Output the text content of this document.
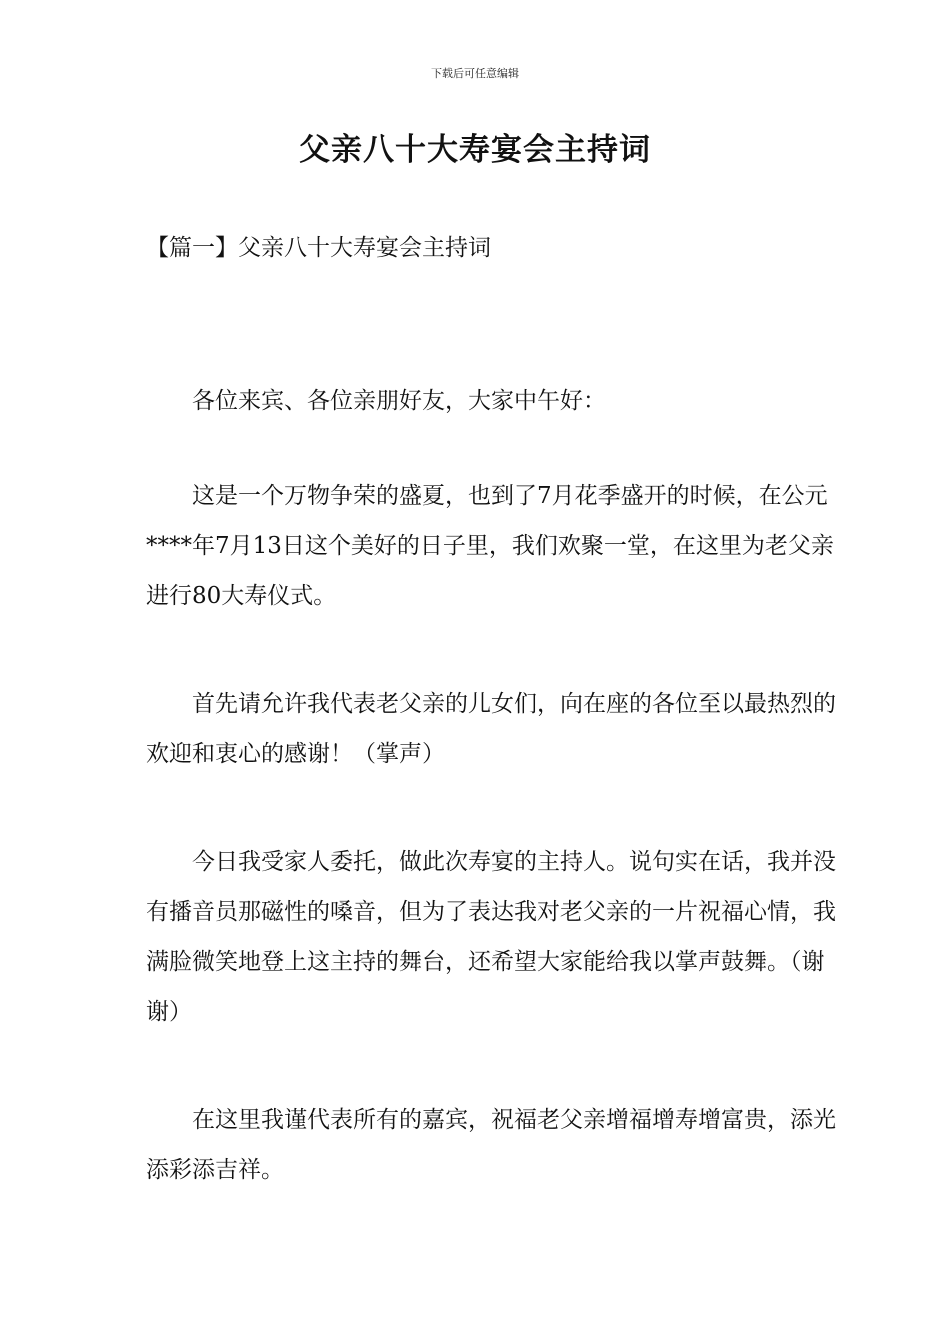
下载后可任意编辑
父亲八十大寿宴会主持词
【篇一】父亲八十大寿宴会主持词

各位来宾、各位亲朋好友，大家中午好：

这是一个万物争荣的盛夏，也到了7月花季盛开的时候，在公元****年7月13日这个美好的日子里，我们欢聚一堂，在这里为老父亲进行80大寿仪式。

首先请允许我代表老父亲的儿女们，向在座的各位至以最热烈的欢迎和衷心的感谢！（掌声）

今日我受家人委托，做此次寿宴的主持人。说句实在话，我并没有播音员那磁性的嗓音，但为了表达我对老父亲的一片祝福心情，我满脸微笑地登上这主持的舞台，还希望大家能给我以掌声鼓舞。（谢谢）

在这里我谨代表所有的嘉宾，祝福老父亲增福增寿增富贵，添光添彩添吉祥。
